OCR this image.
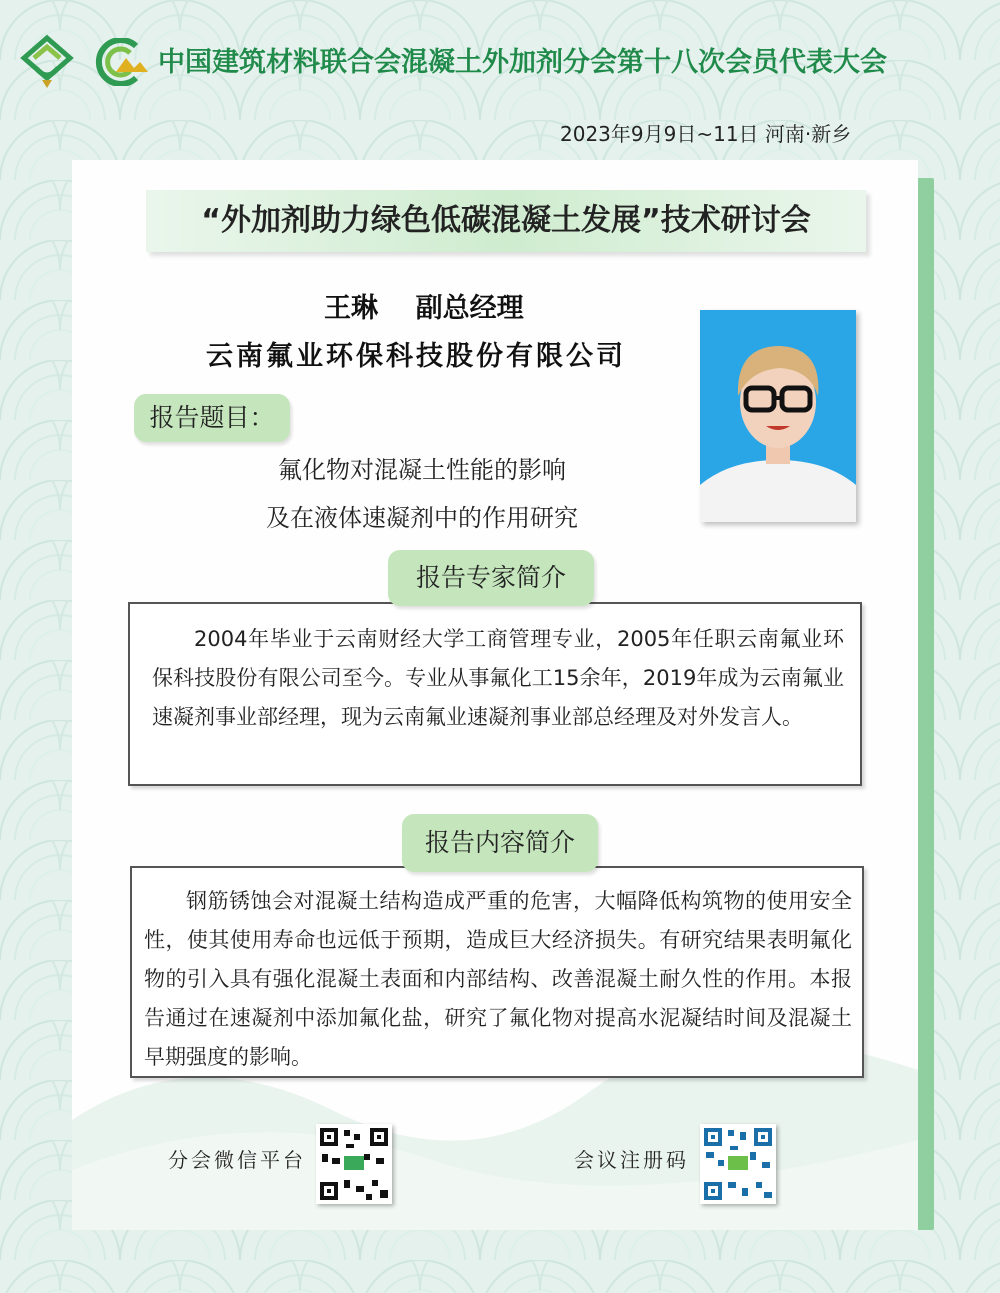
中国建筑材料联合会混凝土外加剂分会第十八次会员代表大会
2023年9月9日~11日 河南·新乡
“外加剂助力绿色低碳混凝土发展”技术研讨会
王琳    副总经理
云南氟业环保科技股份有限公司
报告题目：
氟化物对混凝土性能的影响
及在液体速凝剂中的作用研究
2004年毕业于云南财经大学工商管理专业，2005年任职云南氟业环保科技股份有限公司至今。专业从事氟化工15余年，2019年成为云南氟业速凝剂事业部经理，现为云南氟业速凝剂事业部总经理及对外发言人。
报告专家简介
钢筋锈蚀会对混凝土结构造成严重的危害，大幅降低构筑物的使用安全性，使其使用寿命也远低于预期，造成巨大经济损失。有研究结果表明氟化物的引入具有强化混凝土表面和内部结构、改善混凝土耐久性的作用。本报告通过在速凝剂中添加氟化盐，研究了氟化物对提高水泥凝结时间及混凝土早期强度的影响。
报告内容简介
分会微信平台	会议注册码
